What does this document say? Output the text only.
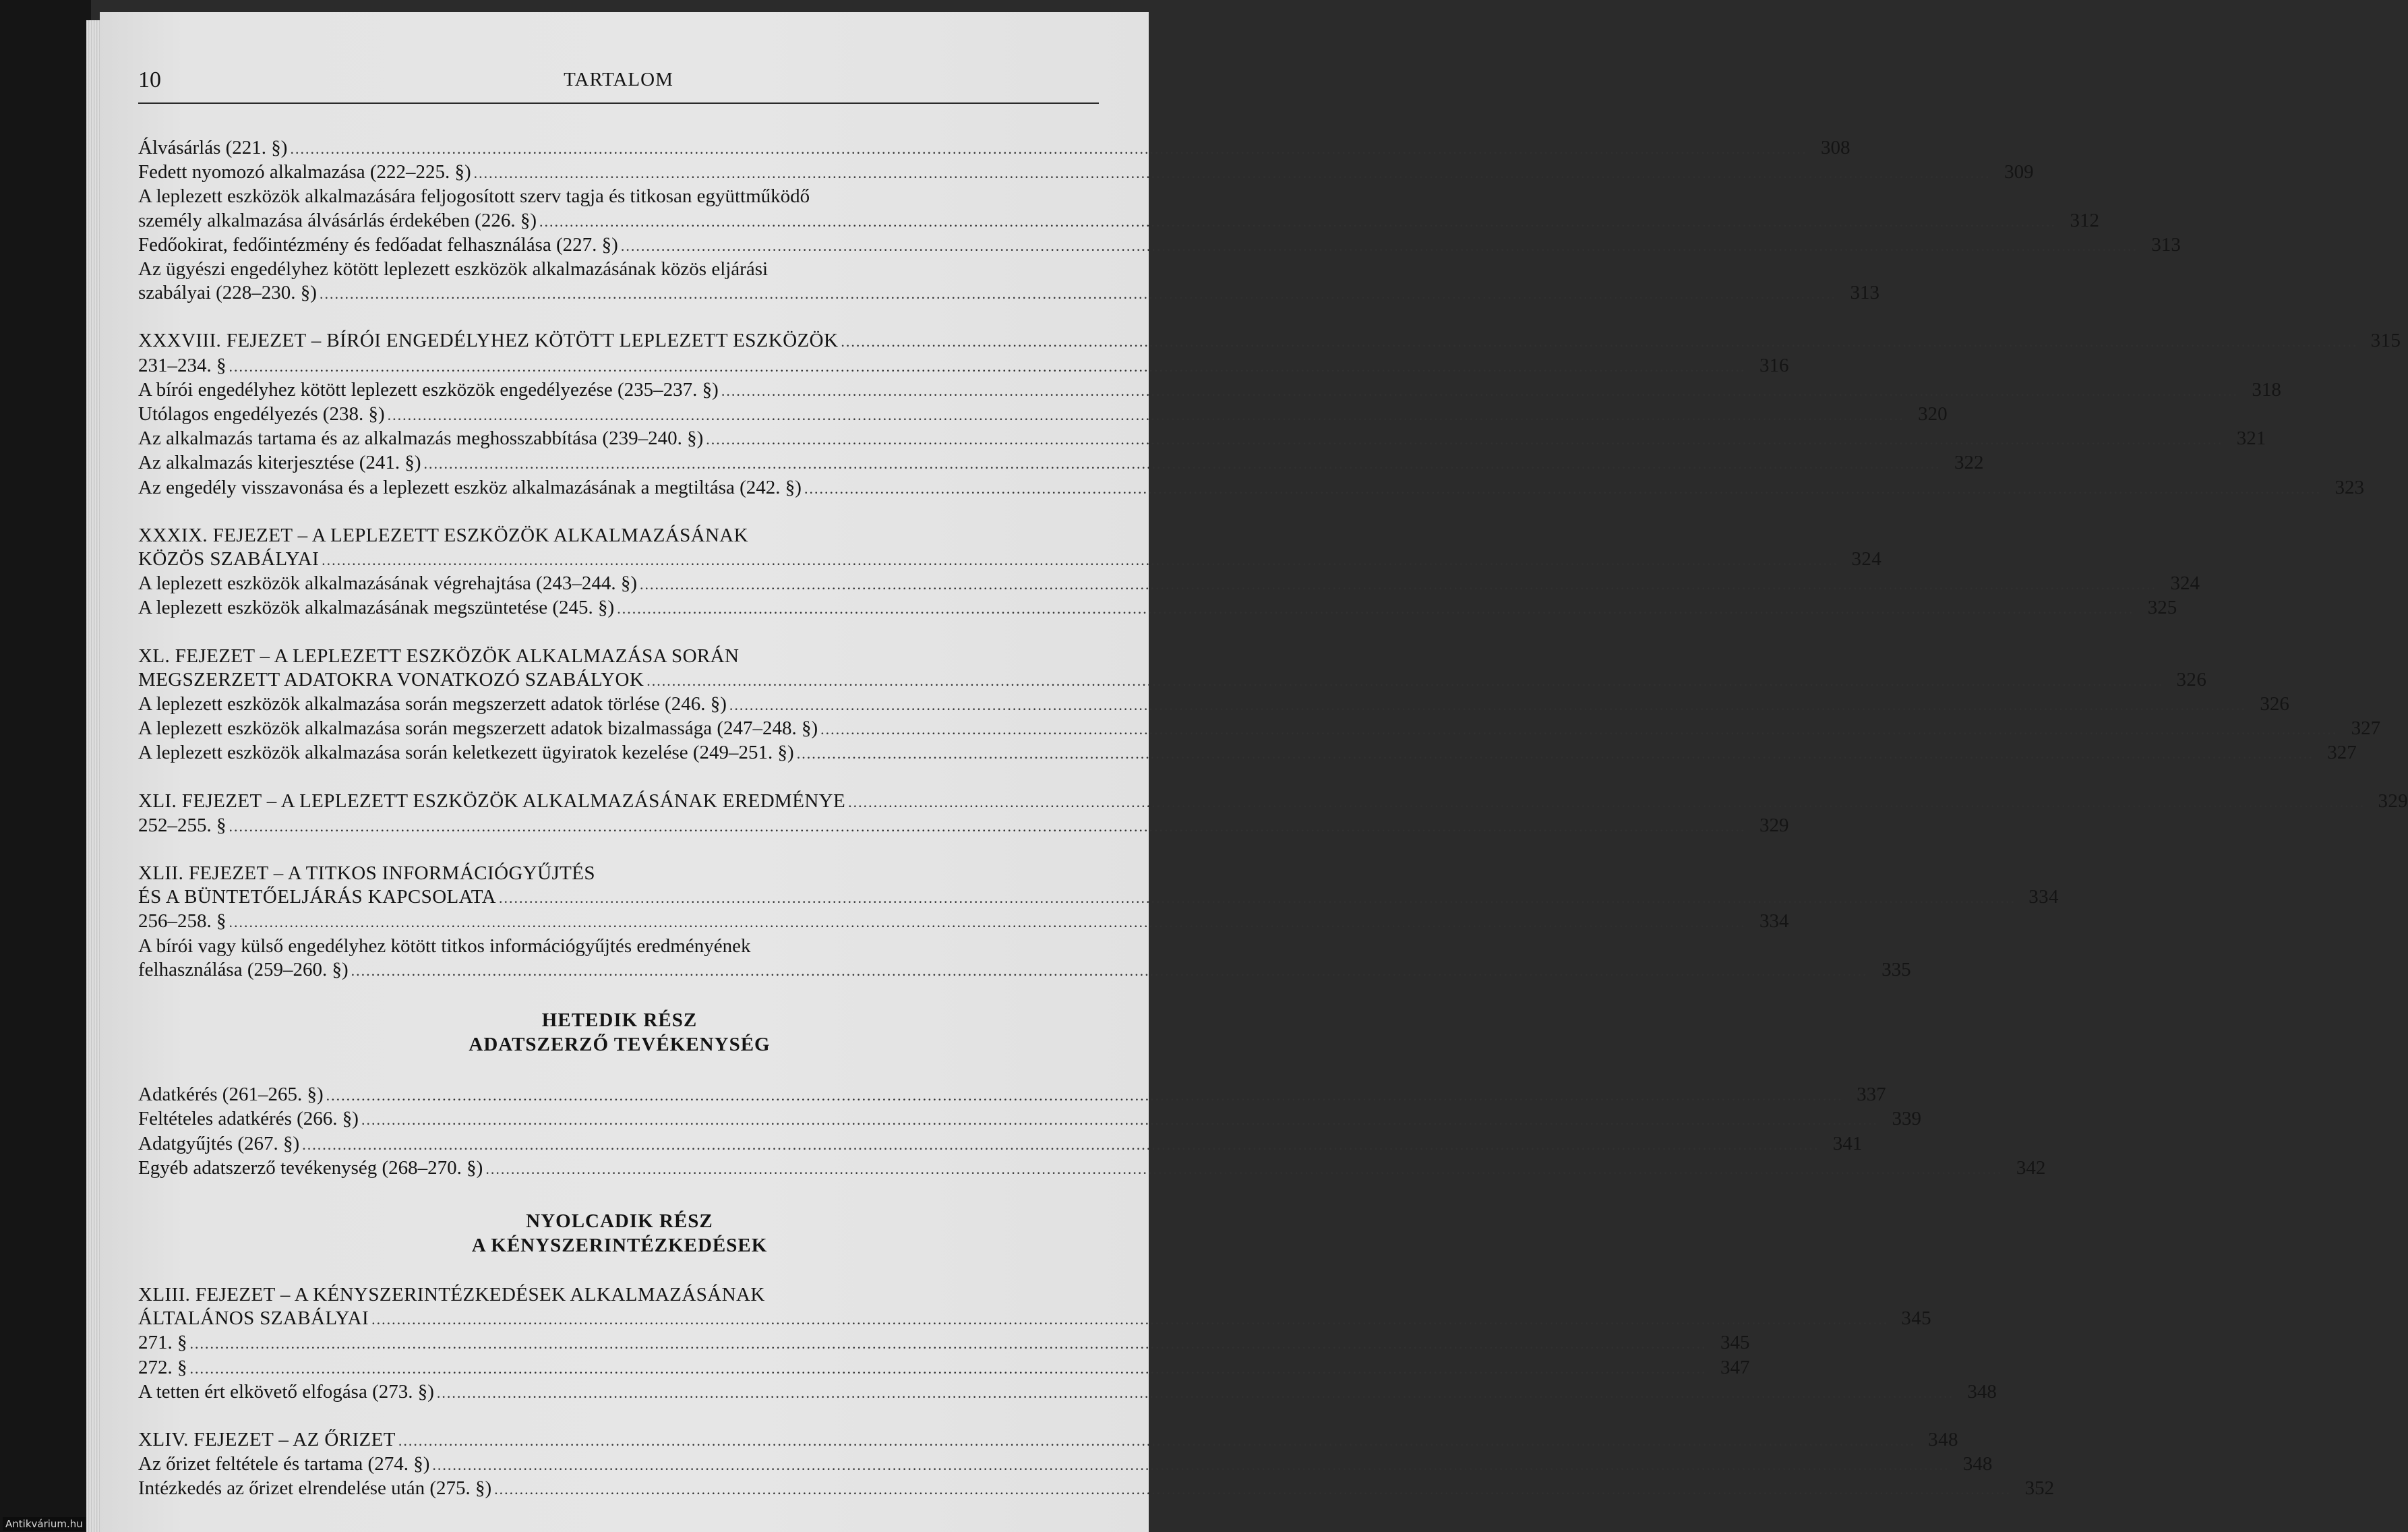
10	TARTALOM
Álvásárlás (221. §) ............................................................................................................................................................................................................................................................................................................ 308
Fedett nyomozó alkalmazása (222–225. §) ............................................................................................................................................................................................................................................................................................................ 309
A leplezett eszközök alkalmazására feljogosított szerv tagja és titkosan együttműködő
személy alkalmazása álvásárlás érdekében (226. §) ............................................................................................................................................................................................................................................................................................................ 312
Fedőokirat, fedőintézmény és fedőadat felhasználása (227. §) ............................................................................................................................................................................................................................................................................................................ 313
Az ügyészi engedélyhez kötött leplezett eszközök alkalmazásának közös eljárási
szabályai (228–230. §) ............................................................................................................................................................................................................................................................................................................ 313
XXXVIII. FEJEZET – BÍRÓI ENGEDÉLYHEZ KÖTÖTT LEPLEZETT ESZKÖZÖK ............................................................................................................................................................................................................................................................................................................ 315
231–234. § ............................................................................................................................................................................................................................................................................................................ 316
A bírói engedélyhez kötött leplezett eszközök engedélyezése (235–237. §) ............................................................................................................................................................................................................................................................................................................ 318
Utólagos engedélyezés (238. §) ............................................................................................................................................................................................................................................................................................................ 320
Az alkalmazás tartama és az alkalmazás meghosszabbítása (239–240. §) ............................................................................................................................................................................................................................................................................................................ 321
Az alkalmazás kiterjesztése (241. §) ............................................................................................................................................................................................................................................................................................................ 322
Az engedély visszavonása és a leplezett eszköz alkalmazásának a megtiltása (242. §) ............................................................................................................................................................................................................................................................................................................ 323
XXXIX. FEJEZET – A LEPLEZETT ESZKÖZÖK ALKALMAZÁSÁNAK
KÖZÖS SZABÁLYAI ............................................................................................................................................................................................................................................................................................................ 324
A leplezett eszközök alkalmazásának végrehajtása (243–244. §) ............................................................................................................................................................................................................................................................................................................ 324
A leplezett eszközök alkalmazásának megszüntetése (245. §) ............................................................................................................................................................................................................................................................................................................ 325
XL. FEJEZET – A LEPLEZETT ESZKÖZÖK ALKALMAZÁSA SORÁN
MEGSZERZETT ADATOKRA VONATKOZÓ SZABÁLYOK ............................................................................................................................................................................................................................................................................................................ 326
A leplezett eszközök alkalmazása során megszerzett adatok törlése (246. §) ............................................................................................................................................................................................................................................................................................................ 326
A leplezett eszközök alkalmazása során megszerzett adatok bizalmassága (247–248. §) ............................................................................................................................................................................................................................................................................................................ 327
A leplezett eszközök alkalmazása során keletkezett ügyiratok kezelése (249–251. §) ............................................................................................................................................................................................................................................................................................................ 327
XLI. FEJEZET – A LEPLEZETT ESZKÖZÖK ALKALMAZÁSÁNAK EREDMÉNYE ............................................................................................................................................................................................................................................................................................................ 329
252–255. § ............................................................................................................................................................................................................................................................................................................ 329
XLII. FEJEZET – A TITKOS INFORMÁCIÓGYŰJTÉS
ÉS A BÜNTETŐELJÁRÁS KAPCSOLATA ............................................................................................................................................................................................................................................................................................................ 334
256–258. § ............................................................................................................................................................................................................................................................................................................ 334
A bírói vagy külső engedélyhez kötött titkos információgyűjtés eredményének
felhasználása (259–260. §) ............................................................................................................................................................................................................................................................................................................ 335
HETEDIK RÉSZ
ADATSZERZŐ TEVÉKENYSÉG
Adatkérés (261–265. §) ............................................................................................................................................................................................................................................................................................................ 337
Feltételes adatkérés (266. §) ............................................................................................................................................................................................................................................................................................................ 339
Adatgyűjtés (267. §) ............................................................................................................................................................................................................................................................................................................ 341
Egyéb adatszerző tevékenység (268–270. §) ............................................................................................................................................................................................................................................................................................................ 342
NYOLCADIK RÉSZ
A KÉNYSZERINTÉZKEDÉSEK
XLIII. FEJEZET – A KÉNYSZERINTÉZKEDÉSEK ALKALMAZÁSÁNAK
ÁLTALÁNOS SZABÁLYAI ............................................................................................................................................................................................................................................................................................................ 345
271. § ............................................................................................................................................................................................................................................................................................................ 345
272. § ............................................................................................................................................................................................................................................................................................................ 347
A tetten ért elkövető elfogása (273. §) ............................................................................................................................................................................................................................................................................................................ 348
XLIV. FEJEZET – AZ ŐRIZET ............................................................................................................................................................................................................................................................................................................ 348
Az őrizet feltétele és tartama (274. §) ............................................................................................................................................................................................................................................................................................................ 348
Intézkedés az őrizet elrendelése után (275. §) ............................................................................................................................................................................................................................................................................................................ 352
Antikvárium.hu
